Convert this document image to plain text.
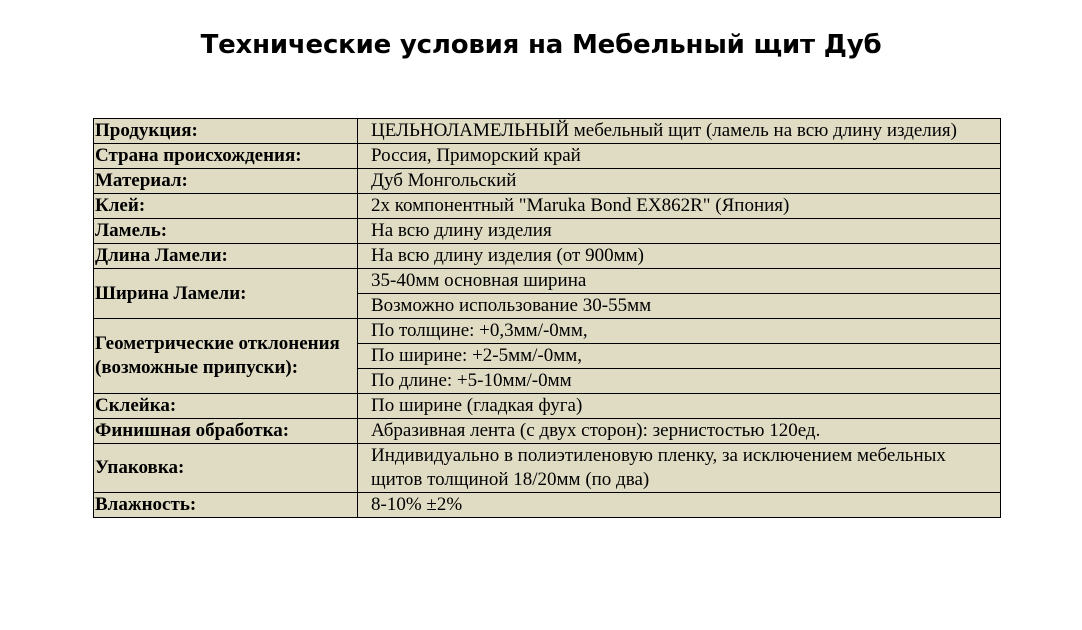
Технические условия на Мебельный щит Дуб
Продукция:	ЦЕЛЬНОЛАМЕЛЬНЫЙ мебельный щит (ламель на всю длину изделия)
Страна происхождения:	Россия, Приморский край
Материал:	Дуб Монгольский
Клей:	2х компонентный "Maruka Bond EX862R" (Япония)
Ламель:	На всю длину изделия
Длина Ламели:	На всю длину изделия (от 900мм)
Ширина Ламели:	35-40мм основная ширина
	Возможно использование 30-55мм
Геометрические отклонения (возможные припуски):	По толщине: +0,3мм/-0мм,
	По ширине: +2-5мм/-0мм,
	По длине: +5-10мм/-0мм
Склейка:	По ширине (гладкая фуга)
Финишная обработка:	Абразивная лента (с двух сторон): зернистостью 120ед.
Упаковка:	Индивидуально в полиэтиленовую пленку, за исключением мебельных щитов толщиной 18/20мм (по два)
Влажность:	8-10% ±2%
